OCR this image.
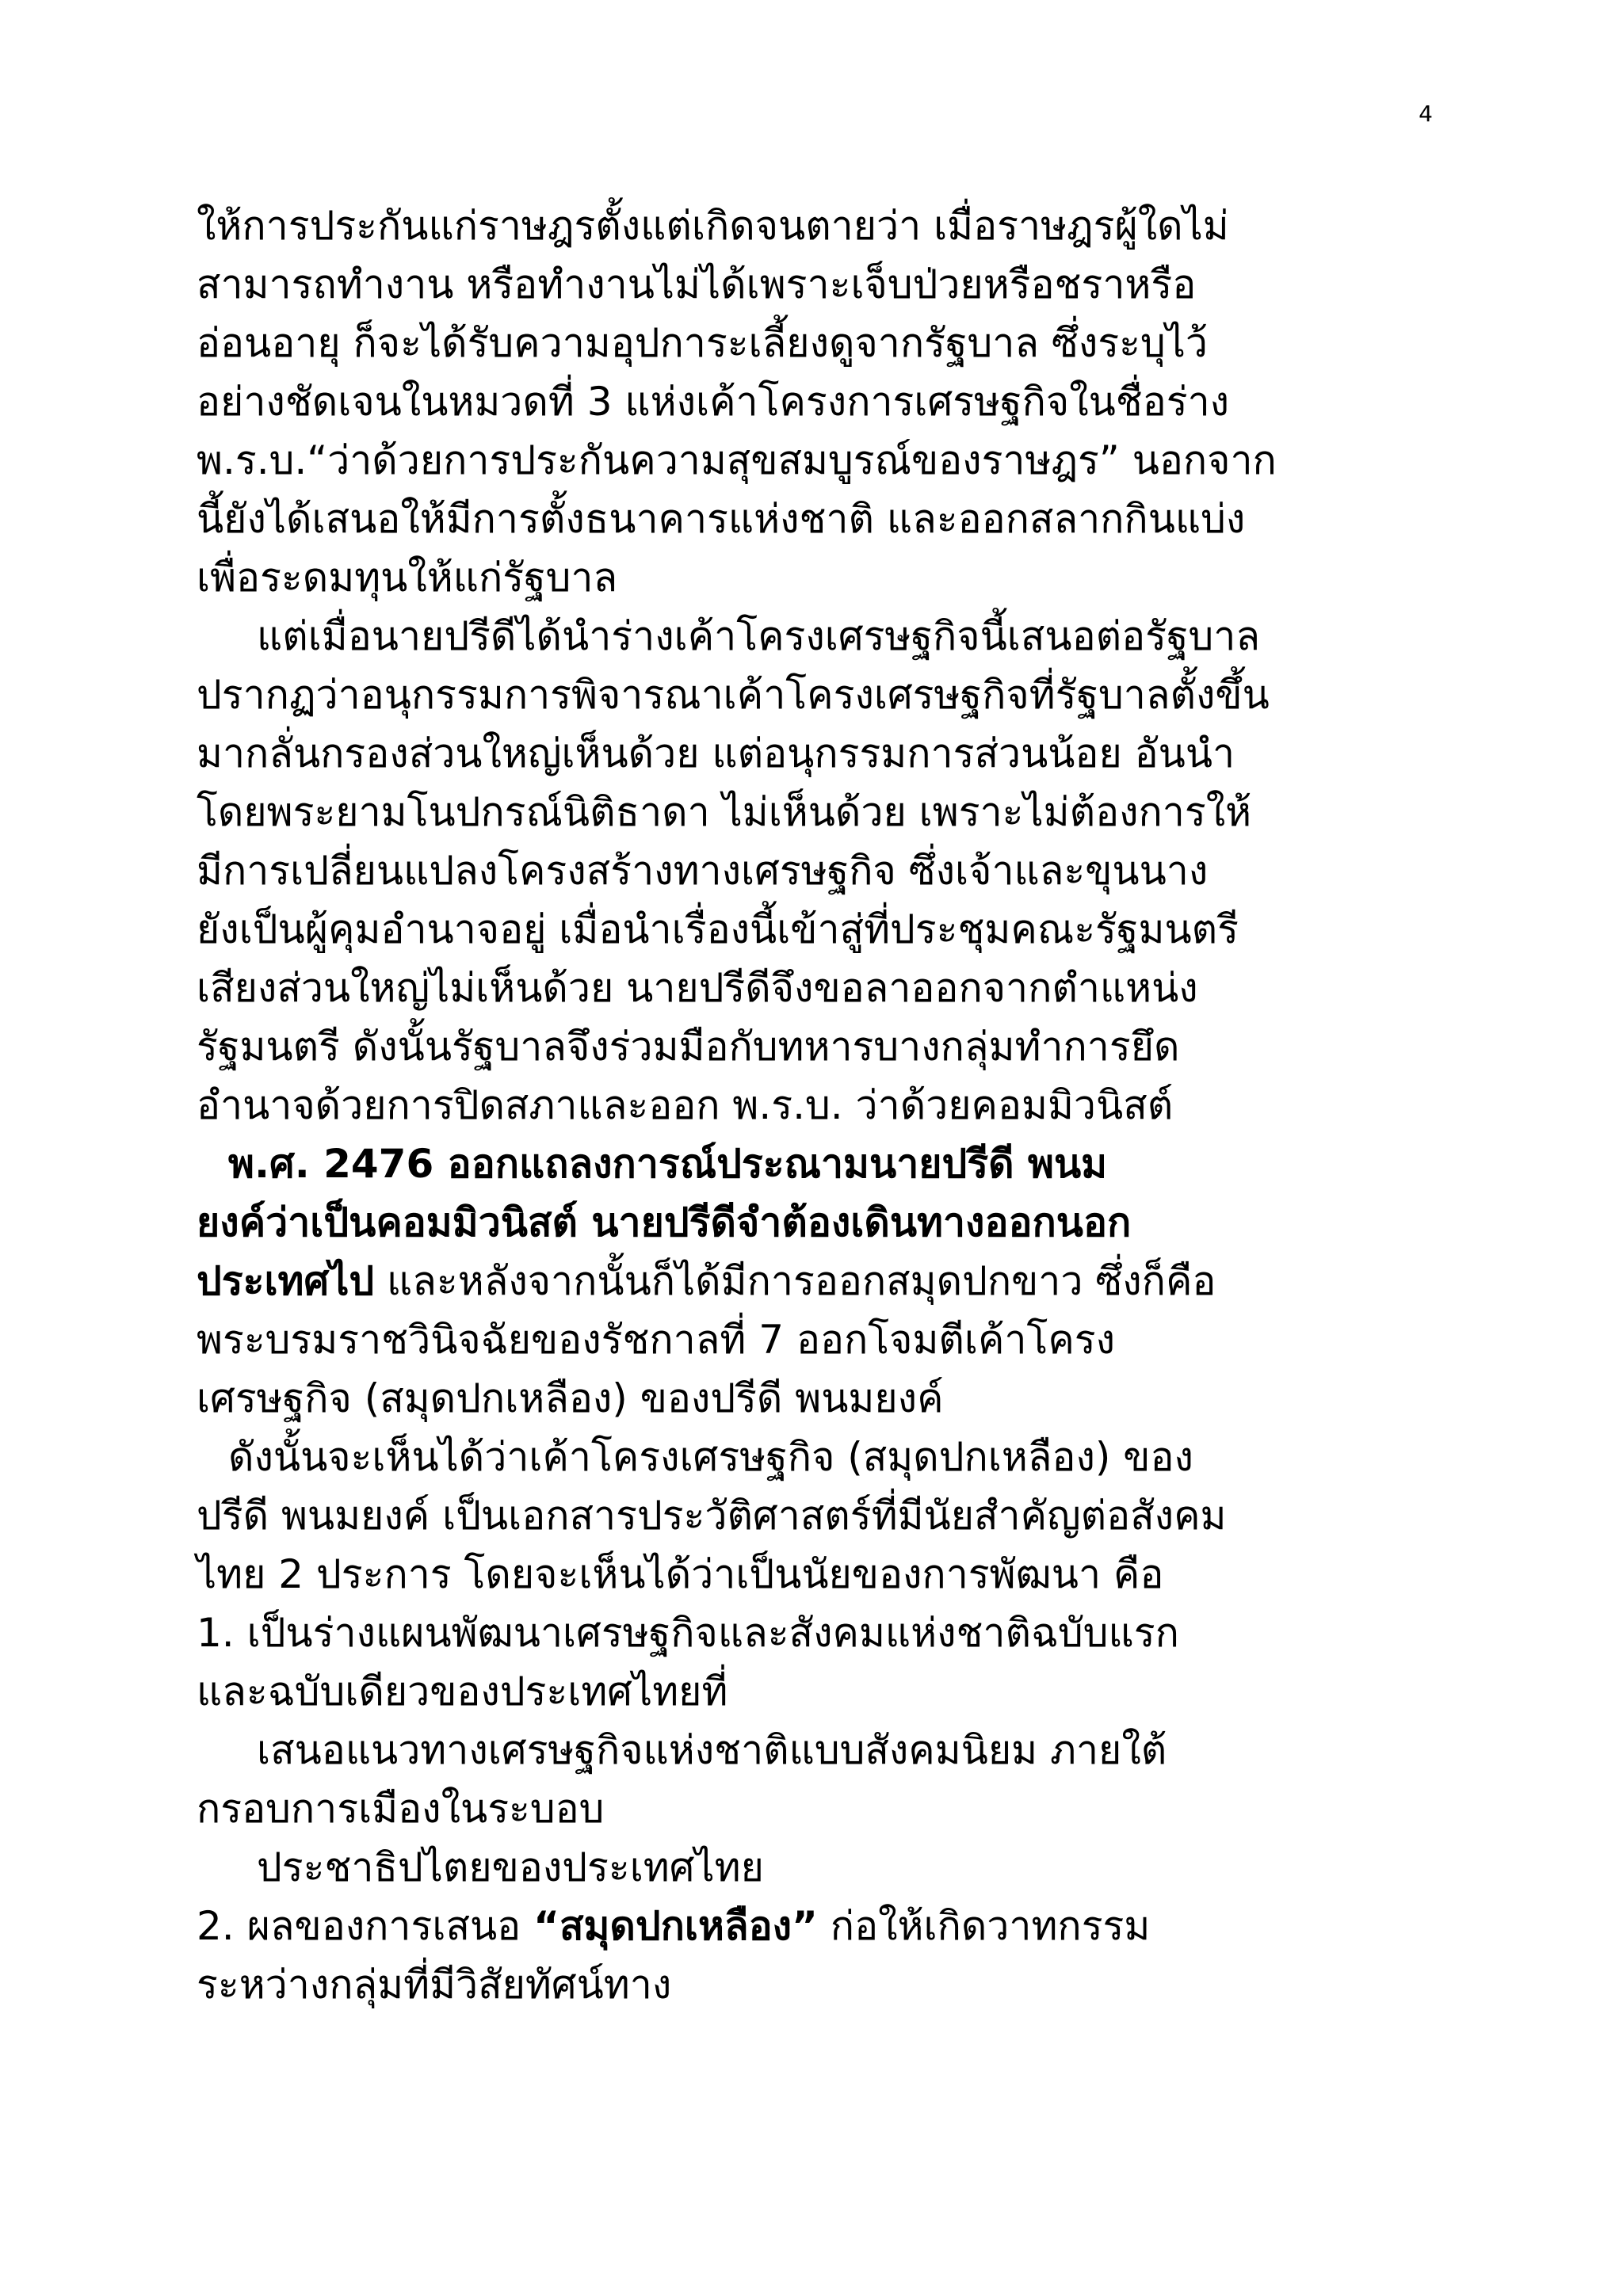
4
ให้การประกันแก่ราษฎรตั้งแต่เกิดจนตายว่า เมื่อราษฎรผู้ใดไม่
สามารถทำงาน หรือทำงานไม่ได้เพราะเจ็บป่วยหรือชราหรือ
อ่อนอายุ ก็จะได้รับความอุปการะเลี้ยงดูจากรัฐบาล ซึ่งระบุไว้
อย่างชัดเจนในหมวดที่ 3 แห่งเค้าโครงการเศรษฐกิจในชื่อร่าง
พ.ร.บ.“ว่าด้วยการประกันความสุขสมบูรณ์ของราษฎร” นอกจาก
นี้ยังได้เสนอให้มีการตั้งธนาคารแห่งชาติ และออกสลากกินแบ่ง
เพื่อระดมทุนให้แก่รัฐบาล
แต่เมื่อนายปรีดีได้นำร่างเค้าโครงเศรษฐกิจนี้เสนอต่อรัฐบาล
ปรากฏว่าอนุกรรมการพิจารณาเค้าโครงเศรษฐกิจที่รัฐบาลตั้งขึ้น
มากลั่นกรองส่วนใหญ่เห็นด้วย แต่อนุกรรมการส่วนน้อย อันนำ
โดยพระยามโนปกรณ์นิติธาดา ไม่เห็นด้วย เพราะไม่ต้องการให้
มีการเปลี่ยนแปลงโครงสร้างทางเศรษฐกิจ ซึ่งเจ้าและขุนนาง
ยังเป็นผู้คุมอำนาจอยู่ เมื่อนำเรื่องนี้เข้าสู่ที่ประชุมคณะรัฐมนตรี
เสียงส่วนใหญ่ไม่เห็นด้วย นายปรีดีจึงขอลาออกจากตำแหน่ง
รัฐมนตรี ดังนั้นรัฐบาลจึงร่วมมือกับทหารบางกลุ่มทำการยึด
อำนาจด้วยการปิดสภาและออก พ.ร.บ. ว่าด้วยคอมมิวนิสต์
พ.ศ. 2476 ออกแถลงการณ์ประณามนายปรีดี พนม
ยงค์ว่าเป็นคอมมิวนิสต์ นายปรีดีจำต้องเดินทางออกนอก
ประเทศไป และหลังจากนั้นก็ได้มีการออกสมุดปกขาว ซึ่งก็คือ
พระบรมราชวินิจฉัยของรัชกาลที่ 7 ออกโจมตีเค้าโครง
เศรษฐกิจ (สมุดปกเหลือง) ของปรีดี พนมยงค์
ดังนั้นจะเห็นได้ว่าเค้าโครงเศรษฐกิจ (สมุดปกเหลือง) ของ
ปรีดี พนมยงค์ เป็นเอกสารประวัติศาสตร์ที่มีนัยสำคัญต่อสังคม
ไทย 2 ประการ โดยจะเห็นได้ว่าเป็นนัยของการพัฒนา คือ
1. เป็นร่างแผนพัฒนาเศรษฐกิจและสังคมแห่งชาติฉบับแรก
และฉบับเดียวของประเทศไทยที่
เสนอแนวทางเศรษฐกิจแห่งชาติแบบสังคมนิยม ภายใต้
กรอบการเมืองในระบอบ
ประชาธิปไตยของประเทศไทย
2. ผลของการเสนอ “สมุดปกเหลือง” ก่อให้เกิดวาทกรรม
ระหว่างกลุ่มที่มีวิสัยทัศน์ทาง
